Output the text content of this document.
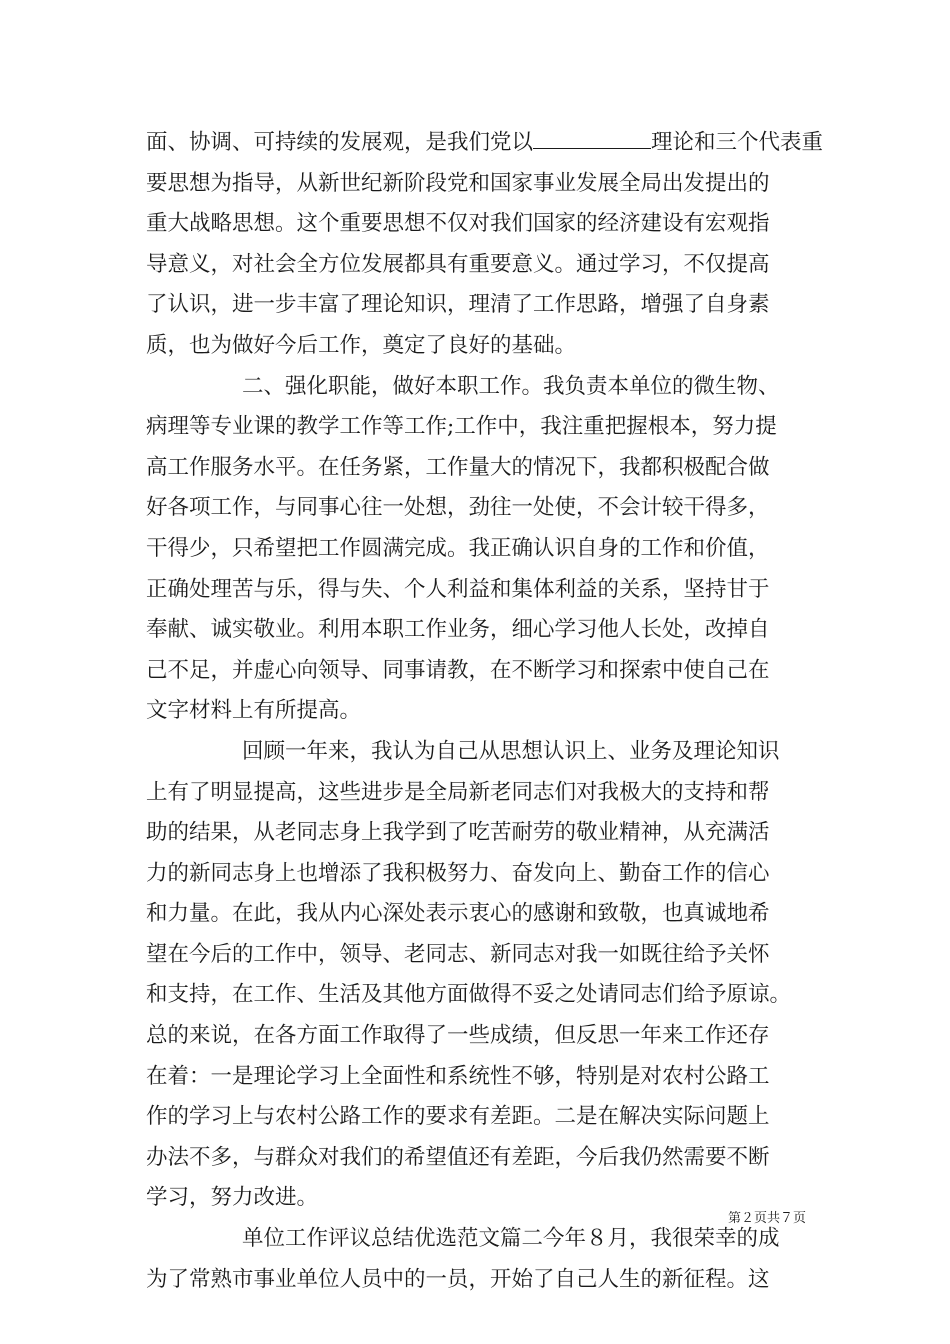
面、协调、可持续的发展观，是我们党以	理论和三个代表重
要思想为指导，从新世纪新阶段党和国家事业发展全局出发提出的
重大战略思想。这个重要思想不仅对我们国家的经济建设有宏观指
导意义，对社会全方位发展都具有重要意义。通过学习，不仅提高
了认识，进一步丰富了理论知识，理清了工作思路，增强了自身素
质，也为做好今后工作，奠定了良好的基础。
二、强化职能，做好本职工作。我负责本单位的微生物、
病理等专业课的教学工作等工作;工作中，我注重把握根本，努力提
高工作服务水平。在任务紧，工作量大的情况下，我都积极配合做
好各项工作，与同事心往一处想，劲往一处使，不会计较干得多，
干得少，只希望把工作圆满完成。我正确认识自身的工作和价值，
正确处理苦与乐，得与失、个人利益和集体利益的关系，坚持甘于
奉献、诚实敬业。利用本职工作业务，细心学习他人长处，改掉自
己不足，并虚心向领导、同事请教，在不断学习和探索中使自己在
文字材料上有所提高。
回顾一年来，我认为自己从思想认识上、业务及理论知识
上有了明显提高，这些进步是全局新老同志们对我极大的支持和帮
助的结果，从老同志身上我学到了吃苦耐劳的敬业精神，从充满活
力的新同志身上也增添了我积极努力、奋发向上、勤奋工作的信心
和力量。在此，我从内心深处表示衷心的感谢和致敬，也真诚地希
望在今后的工作中，领导、老同志、新同志对我一如既往给予关怀
和支持，在工作、生活及其他方面做得不妥之处请同志们给予原谅。
总的来说，在各方面工作取得了一些成绩，但反思一年来工作还存
在着：一是理论学习上全面性和系统性不够，特别是对农村公路工
作的学习上与农村公路工作的要求有差距。二是在解决实际问题上
办法不多，与群众对我们的希望值还有差距，今后我仍然需要不断
学习，努力改进。
单位工作评议总结优选范文篇二今年８月，我很荣幸的成
为了常熟市事业单位人员中的一员，开始了自己人生的新征程。这
第２页共７页
